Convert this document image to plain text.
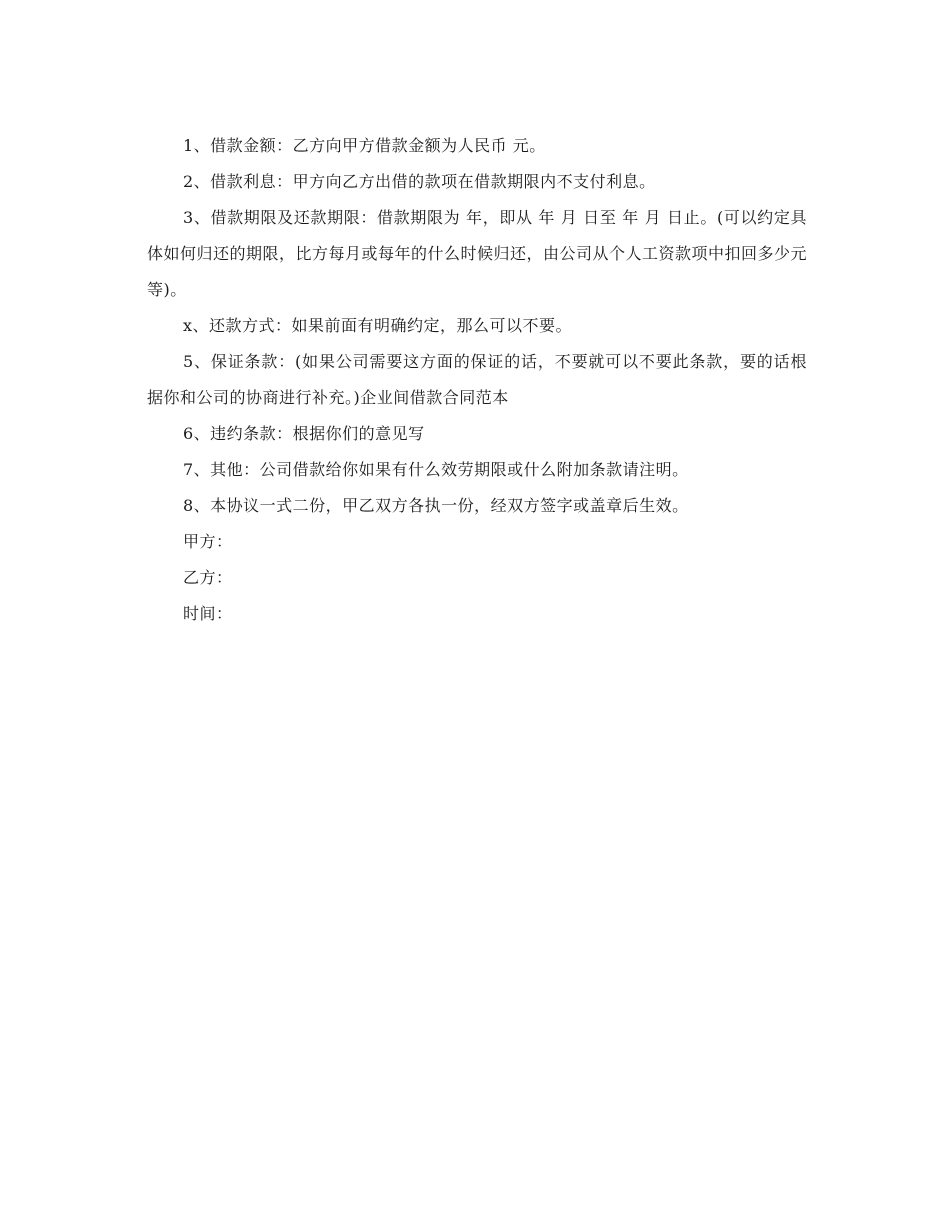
1、借款金额：乙方向甲方借款金额为人民币 元。

2、借款利息：甲方向乙方出借的款项在借款期限内不支付利息。

3、借款期限及还款期限：借款期限为 年，即从 年 月 日至 年 月 日止。(可以约定具体如何归还的期限，比方每月或每年的什么时候归还，由公司从个人工资款项中扣回多少元等)。

x、还款方式：如果前面有明确约定，那么可以不要。

5、保证条款：(如果公司需要这方面的保证的话，不要就可以不要此条款，要的话根据你和公司的协商进行补充。)企业间借款合同范本

6、违约条款：根据你们的意见写

7、其他：公司借款给你如果有什么效劳期限或什么附加条款请注明。

8、本协议一式二份，甲乙双方各执一份，经双方签字或盖章后生效。

甲方：

乙方：

时间：
